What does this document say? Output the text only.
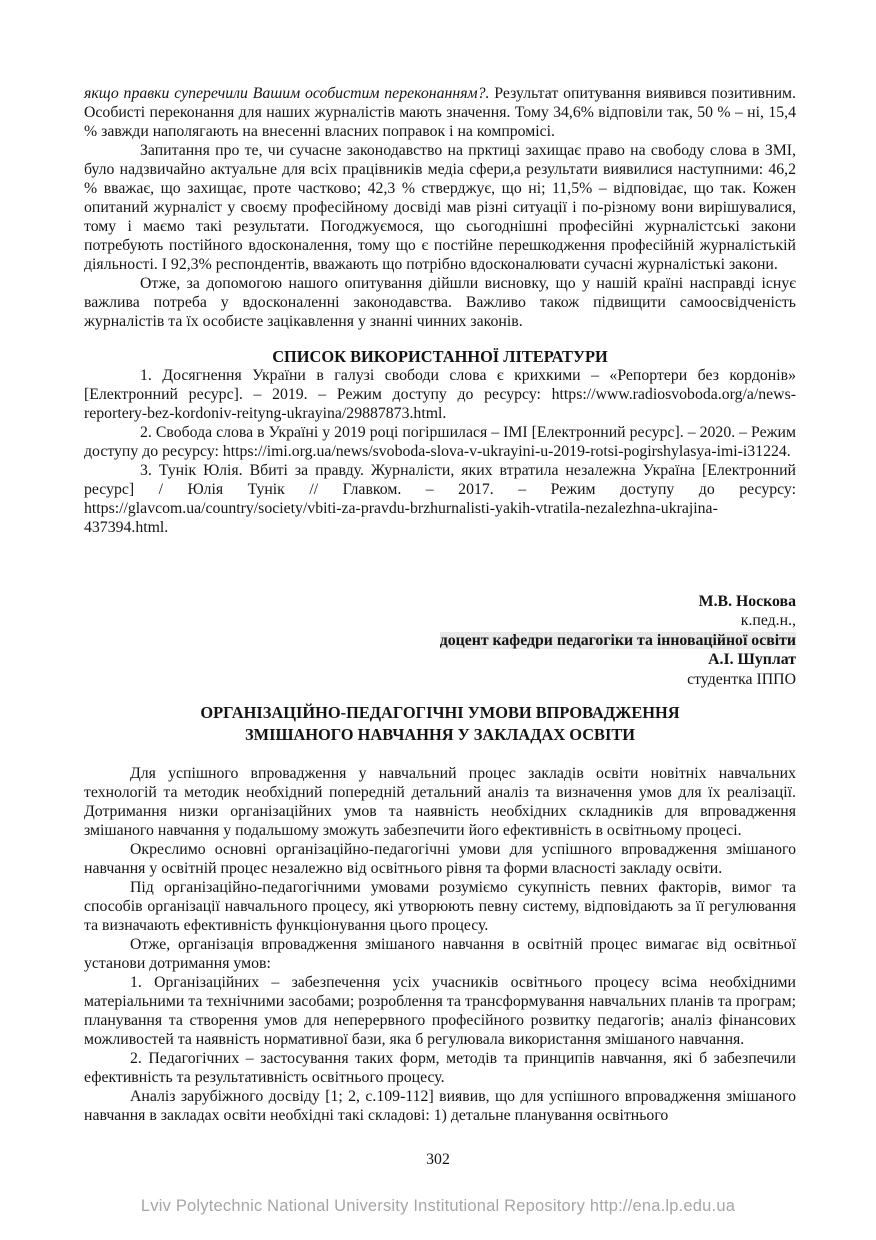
якщо правки суперечили Вашим особистим переконанням?. Результат опитування виявився позитивним. Особисті переконання для наших журналістів мають значення. Тому 34,6% відповіли так, 50 % – ні, 15,4 % завжди наполягають на внесенні власних поправок і на компромісі.

Запитання про те, чи сучасне законодавство на прктиці захищає право на свободу слова в ЗМІ, було надзвичайно актуальне для всіх працівників медіа сфери,а результати виявилися наступними: 46,2 % вважає, що захищає, проте частково; 42,3 % стверджує, що ні; 11,5% – відповідає, що так. Кожен опитаний журналіст у своєму професійному досвіді мав різні ситуації і по-різному вони вирішувалися, тому і маємо такі результати. Погоджуємося, що сьогоднішні професійні журналістські закони потребують постійного вдосконалення, тому що є постійне перешкодження професійній журналістькій діяльності. І 92,3% респондентів, вважають що потрібно вдосконалювати сучасні журналістькі закони.

Отже, за допомогою нашого опитування дійшли висновку, що у нашій країні насправді існує важлива потреба у вдосконаленні законодавства. Важливо також підвищити самоосвідченість журналістів та їх особисте зацікавлення у знанні чинних законів.

СПИСОК ВИКОРИСТАННОЇ ЛІТЕРАТУРИ

1. Досягнення України в галузі свободи слова є крихкими – «Репортери без кордонів» [Електронний ресурс]. – 2019. – Режим доступу до ресурсу: https://www.radiosvoboda.org/a/news-reportery-bez-kordoniv-reityng-ukrayina/29887873.html.

2. Свобода слова в Україні у 2019 році погіршилася – ІМІ [Електронний ресурс]. – 2020. – Режим доступу до ресурсу: https://imi.org.ua/news/svoboda-slova-v-ukrayini-u-2019-rotsi-pogirshylasya-imi-i31224.

3. Тунік Юлія. Вбиті за правду. Журналісти, яких втратила незалежна Україна [Електронний ресурс] / Юлія Тунік // Главком. – 2017. – Режим доступу до ресурсу: https://glavcom.ua/country/society/vbiti-za-pravdu-brzhurnalisti-yakih-vtratila-nezalezhna-ukrajina-437394.html.

М.В. Носкова
к.пед.н.,
доцент кафедри педагогіки та інноваційної освіти
А.І. Шуплат
студентка ІППО
ОРГАНІЗАЦІЙНО-ПЕДАГОГІЧНІ УМОВИ ВПРОВАДЖЕННЯ
ЗМІШАНОГО НАВЧАННЯ У ЗАКЛАДАХ ОСВІТИ

Для успішного впровадження у навчальний процес закладів освіти новітніх навчальних технологій та методик необхідний попередній детальний аналіз та визначення умов для їх реалізації. Дотримання низки організаційних умов та наявність необхідних складників для впровадження змішаного навчання у подальшому зможуть забезпечити його ефективність в освітньому процесі.

Окреслимо основні організаційно-педагогічні умови для успішного впровадження змішаного навчання у освітній процес незалежно від освітнього рівня та форми власності закладу освіти.

Під організаційно-педагогічними умовами розуміємо сукупність певних факторів, вимог та способів організації навчального процесу, які утворюють певну систему, відповідають за її регулювання та визначають ефективність функціонування цього процесу.

Отже, організація впровадження змішаного навчання в освітній процес вимагає від освітньої установи дотримання умов:

1. Організаційних – забезпечення усіх учасників освітнього процесу всіма необхідними матеріальними та технічними засобами; розроблення та трансформування навчальних планів та програм; планування та створення умов для неперервного професійного розвитку педагогів; аналіз фінансових можливостей та наявність нормативної бази, яка б регулювала використання змішаного навчання.

2. Педагогічних – застосування таких форм, методів та принципів навчання, які б забезпечили ефективність та результативність освітнього процесу.

Аналіз зарубіжного досвіду [1; 2, с.109-112] виявив, що для успішного впровадження змішаного навчання в закладах освіти необхідні такі складові: 1) детальне планування освітнього

302
Lviv Polytechnic National University Institutional Repository http://ena.lp.edu.ua
